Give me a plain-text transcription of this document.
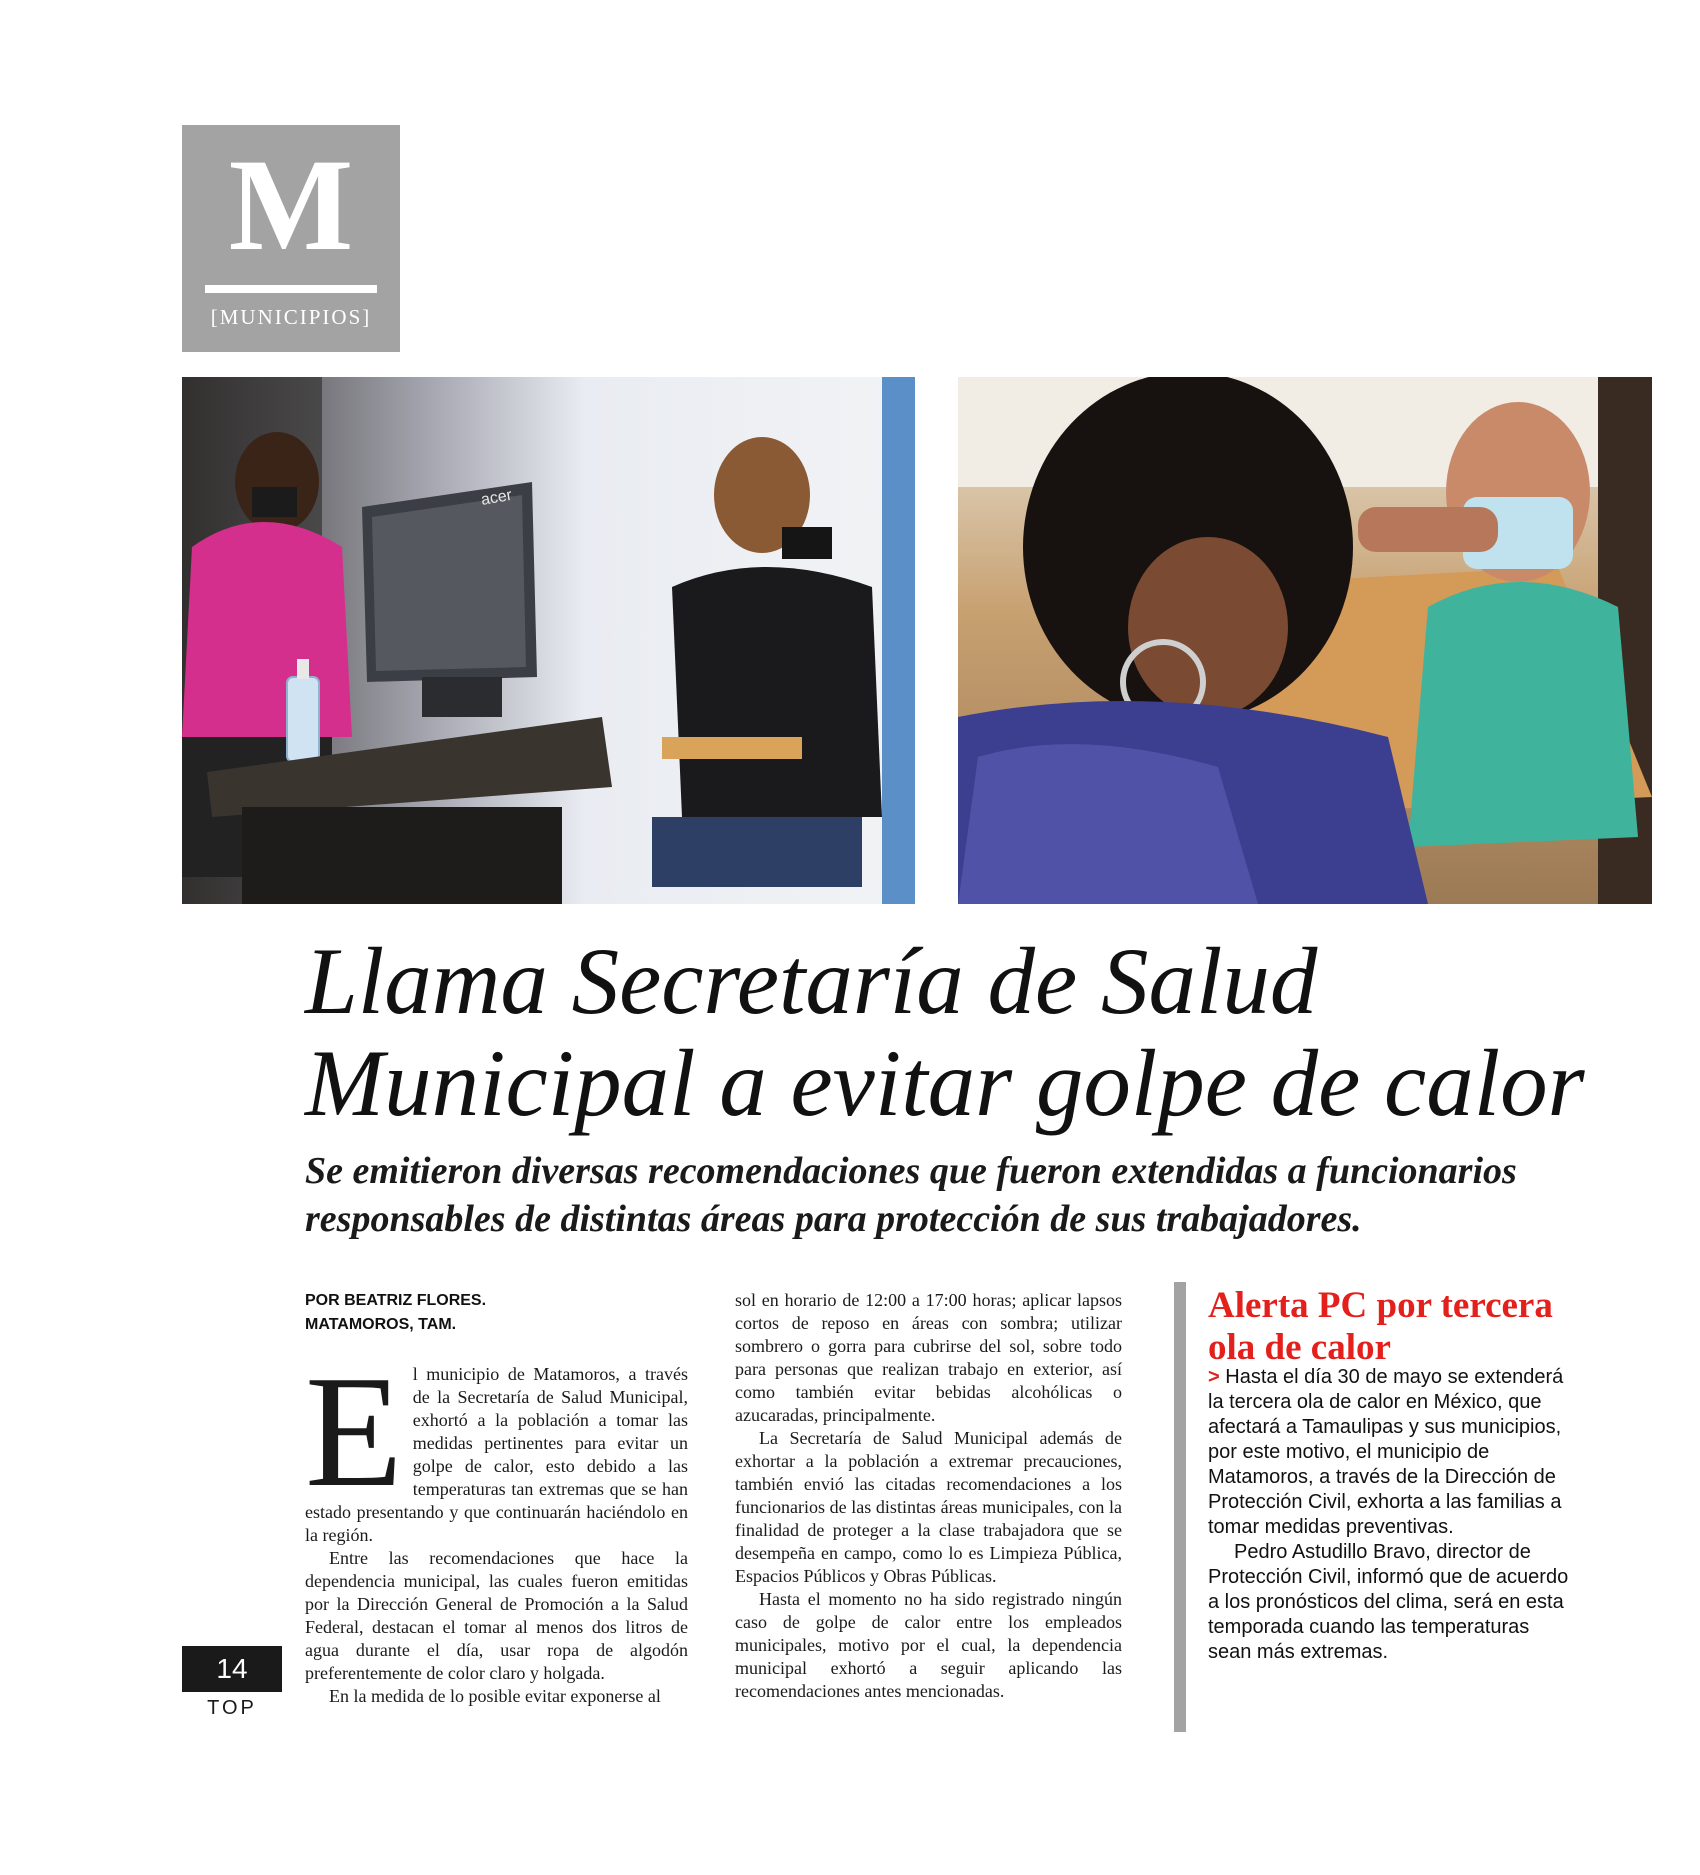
M
[MUNICIPIOS]
acer
Llama Secretaría de Salud Municipal a evitar golpe de calor
Se emitieron diversas recomendaciones que fueron extendidas a funcionarios responsables de distintas áreas para protección de sus trabajadores.
POR BEATRIZ FLORES.
MATAMOROS, TAM.
E l municipio de Matamoros, a través de la Secretaría de Salud Municipal, exhortó a la población a tomar las medidas pertinentes para evitar un golpe de calor, esto debido a las temperaturas tan extremas que se han estado presentando y que continuarán haciéndolo en la región.

Entre las recomendaciones que hace la dependencia municipal, las cuales fueron emitidas por la Dirección General de Promoción a la Salud Federal, destacan el tomar al menos dos litros de agua durante el día, usar ropa de algodón preferentemente de color claro y holgada.

En la medida de lo posible evitar exponerse al

sol en horario de 12:00 a 17:00 horas; aplicar lapsos cortos de reposo en áreas con sombra; utilizar sombrero o gorra para cubrirse del sol, sobre todo para personas que realizan trabajo en exterior, así como también evitar bebidas alcohólicas o azucaradas, principalmente.

La Secretaría de Salud Municipal además de exhortar a la población a extremar precauciones, también envió las citadas recomendaciones a los funcionarios de las distintas áreas municipales, con la finalidad de proteger a la clase trabajadora que se desempeña en campo, como lo es Limpieza Pública, Espacios Públicos y Obras Públicas.

Hasta el momento no ha sido registrado ningún caso de golpe de calor entre los empleados municipales, motivo por el cual, la dependencia municipal exhortó a seguir aplicando las recomendaciones antes mencionadas.

Alerta PC por tercera ola de calor

> Hasta el día 30 de mayo se extenderá la tercera ola de calor en México, que afectará a Tamaulipas y sus municipios, por este motivo, el municipio de Matamoros, a través de la Dirección de Protección Civil, exhorta a las familias a tomar medidas preventivas.

Pedro Astudillo Bravo, director de Protección Civil, informó que de acuerdo a los pronósticos del clima, será en esta temporada cuando las temperaturas sean más extremas.

14
TOP
